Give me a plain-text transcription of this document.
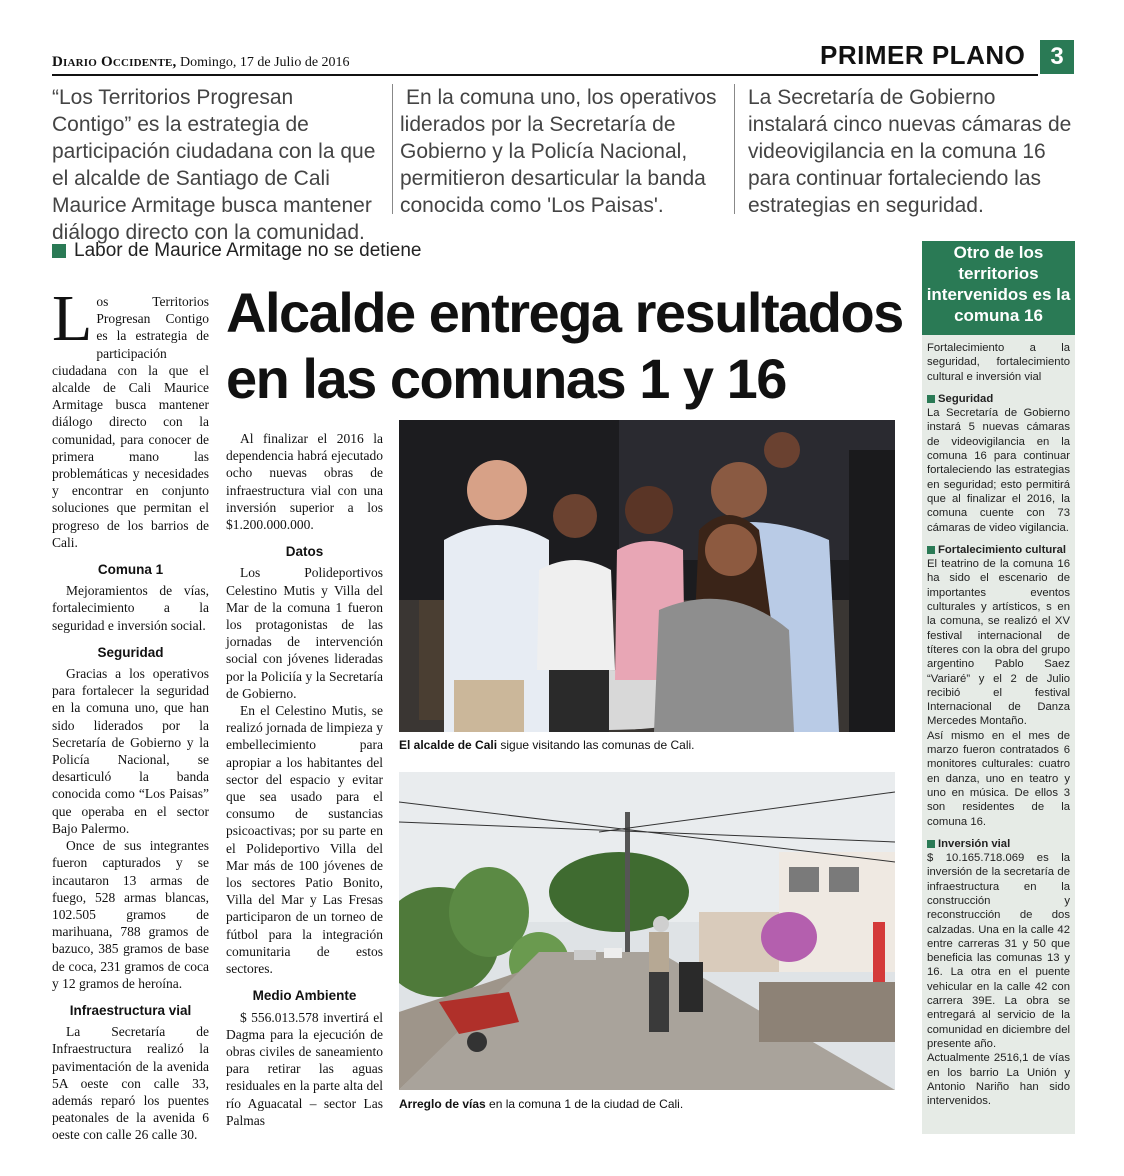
Diario Occidente, Domingo, 17 de Julio de 2016	PRIMER PLANO	3
“Los Territorios Progresan Contigo” es la estrategia de participación ciudadana con la que el alcalde de Santiago de Cali Maurice Armitage busca mantener diálogo directo con la comunidad.
En la comuna uno, los operativos liderados por la Secretaría de Gobierno y la Policía Nacional, permitieron desarticular la banda conocida como 'Los Paisas'.
La Secretaría de Gobierno instalará cinco nuevas cámaras de videovigilancia en la comuna 16 para continuar fortaleciendo las estrategias en seguridad.
Labor de Maurice Armitage no se detiene
Alcalde entrega resultados en las comunas 1 y 16

Los Territorios Progresan Contigo es la estrategia de participación ciudadana con la que el alcalde de Cali Maurice Armitage busca mantener diálogo directo con la comunidad, para conocer de primera mano las problemáticas y necesidades y encontrar en conjunto soluciones que permitan el progreso de los barrios de Cali.

Comuna 1

Mejoramientos de vías, fortalecimiento a la seguridad e inversión social.

Seguridad

Gracias a los operativos para fortalecer la seguridad en la comuna uno, que han sido liderados por la Secretaría de Gobierno y la Policía Nacional, se desarticuló la banda conocida como “Los Paisas” que operaba en el sector Bajo Palermo.

Once de sus integrantes fueron capturados y se incautaron 13 armas de fuego, 528 armas blancas, 102.505 gramos de marihuana, 788 gramos de bazuco, 385 gramos de base de coca, 231 gramos de coca y 12 gramos de heroína.

Infraestructura vial

La Secretaría de Infraestructura realizó la pavimentación de la avenida 5A oeste con calle 33, además reparó los puentes peatonales de la avenida 6 oeste con calle 26 calle 30.

Al finalizar el 2016 la dependencia habrá ejecutado ocho nuevas obras de infraestructura vial con una inversión superior a los $1.200.000.000.

Datos

Los Polideportivos Celestino Mutis y Villa del Mar de la comuna 1 fueron los protagonistas de las jornadas de intervención social con jóvenes lideradas por la Policiía y la Secretaría de Gobierno.

En el Celestino Mutis, se realizó jornada de limpieza y embellecimiento para apropiar a los habitantes del sector del espacio y evitar que sea usado para el consumo de sustancias psicoactivas; por su parte en el Polideportivo Villa del Mar más de 100 jóvenes de los sectores Patio Bonito, Villa del Mar y Las Fresas participaron de un torneo de fútbol para la integración comunitaria de estos sectores.

Medio Ambiente

$ 556.013.578 invertirá el Dagma para la ejecución de obras civiles de saneamiento para retirar las aguas residuales en la parte alta del río Aguacatal – sector Las Palmas

El alcalde de Cali sigue visitando las comunas de Cali.
Arreglo de vías en la comuna 1 de la ciudad de Cali.
Otro de los territorios intervenidos es la comuna 16

Fortalecimiento a la seguridad, fortalecimiento cultural e inversión vial

Seguridad

La Secretaría de Gobierno instará 5 nuevas cámaras de videovigilancia en la comuna 16 para continuar fortaleciendo las estrategias en seguridad; esto permitirá que al finalizar el 2016, la comuna cuente con 73 cámaras de video vigilancia.

Fortalecimiento cultural

El teatrino de la comuna 16 ha sido el escenario de importantes eventos culturales y artísticos, s en la comuna, se realizó el XV festival internacional de títeres con la obra del grupo argentino Pablo Saez “Variaré” y el 2 de Julio recibió el festival Internacional de Danza Mercedes Montaño.

Así mismo en el mes de marzo fueron contratados 6 monitores culturales: cuatro en danza, uno en teatro y uno en música. De ellos 3 son residentes de la comuna 16.

Inversión vial

$ 10.165.718.069 es la inversión de la secretaría de infraestructura en la construcción y reconstrucción de dos calzadas. Una en la calle 42 entre carreras 31 y 50 que beneficia las comunas 13 y 16. La otra en el puente vehicular en la calle 42 con carrera 39E. La obra se entregará al servicio de la comunidad en diciembre del presente año.

Actualmente 2516,1 de vías en los barrio La Unión y Antonio Nariño han sido intervenidos.
